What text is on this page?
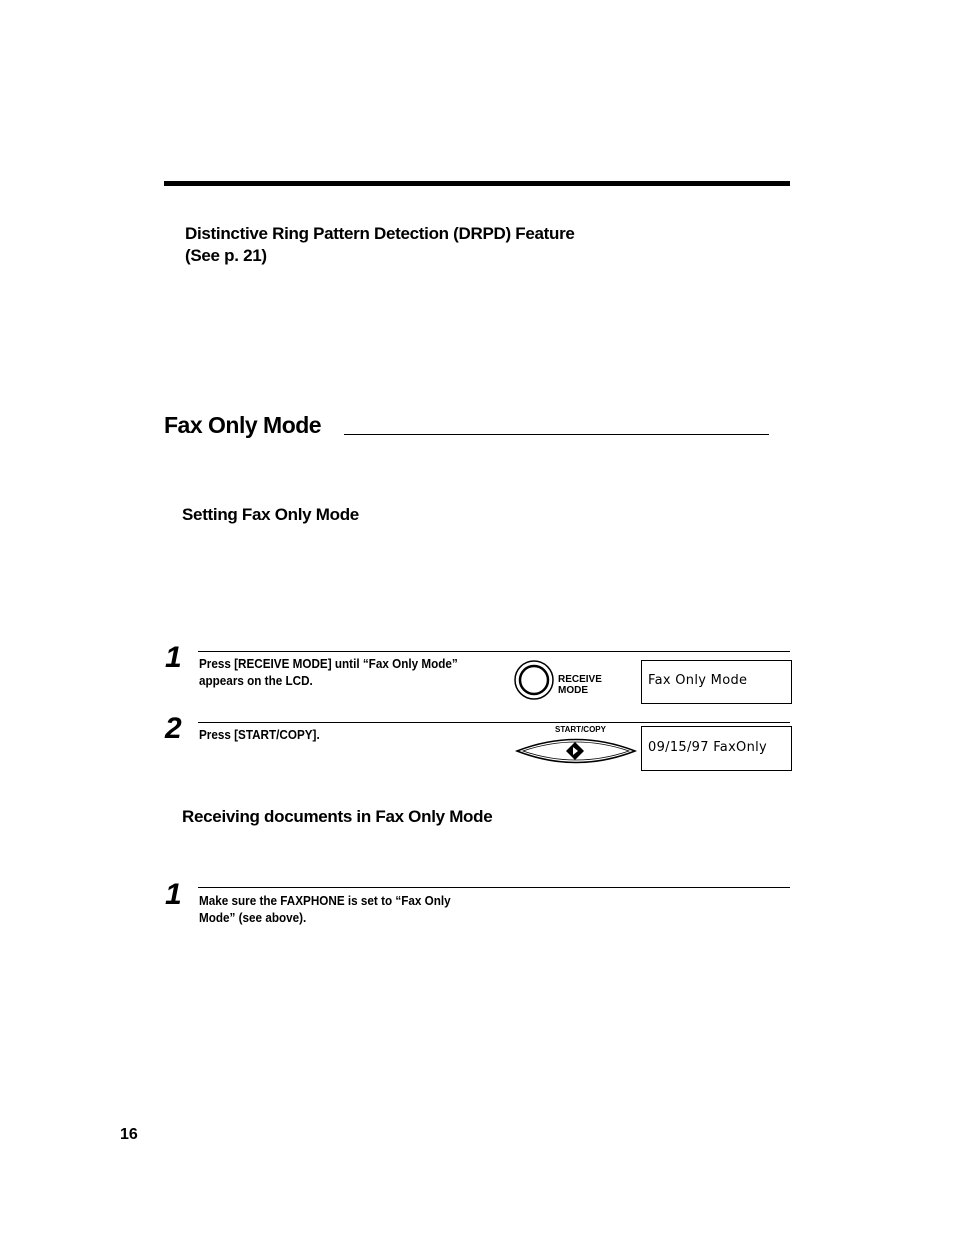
Distinctive Ring Pattern Detection (DRPD) Feature
(See p. 21)
Fax Only Mode
Setting Fax Only Mode
1 Press [RECEIVE MODE] until “Fax Only Mode”
appears on the LCD.	RECEIVE MODE
Fax Only Mode
2 Press [START/COPY].	START/COPY
09/15/97 FaxOnly
Receiving documents in Fax Only Mode
1 Make sure the FAXPHONE is set to “Fax Only
Mode” (see above).
16
